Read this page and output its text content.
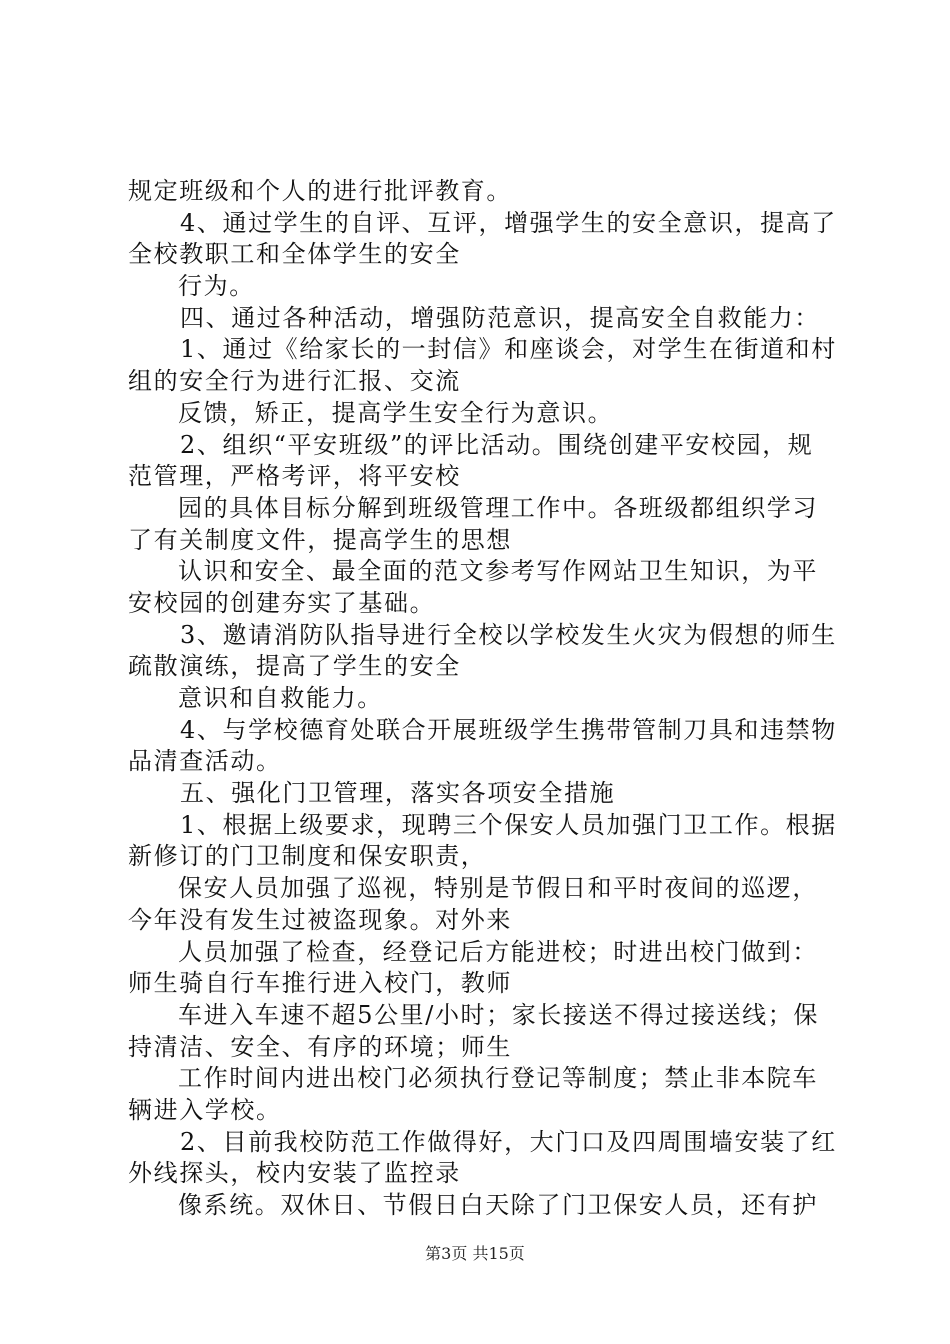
规定班级和个人的进行批评教育。
4、通过学生的自评、互评，增强学生的安全意识，提高了
全校教职工和全体学生的安全
行为。
四、通过各种活动，增强防范意识，提高安全自救能力：
1、通过《给家长的一封信》和座谈会，对学生在街道和村
组的安全行为进行汇报、交流
反馈，矫正，提高学生安全行为意识。
2、组织“平安班级”的评比活动。围绕创建平安校园，规
范管理，严格考评，将平安校
园的具体目标分解到班级管理工作中。各班级都组织学习
了有关制度文件，提高学生的思想
认识和安全、最全面的范文参考写作网站卫生知识，为平
安校园的创建夯实了基础。
3、邀请消防队指导进行全校以学校发生火灾为假想的师生
疏散演练，提高了学生的安全
意识和自救能力。
4、与学校德育处联合开展班级学生携带管制刀具和违禁物
品清查活动。
五、强化门卫管理，落实各项安全措施
1、根据上级要求，现聘三个保安人员加强门卫工作。根据
新修订的门卫制度和保安职责，
保安人员加强了巡视，特别是节假日和平时夜间的巡逻，
今年没有发生过被盗现象。对外来
人员加强了检查，经登记后方能进校；时进出校门做到：
师生骑自行车推行进入校门，教师
车进入车速不超5公里/小时；家长接送不得过接送线；保
持清洁、安全、有序的环境；师生
工作时间内进出校门必须执行登记等制度；禁止非本院车
辆进入学校。
2、目前我校防范工作做得好，大门口及四周围墙安装了红
外线探头，校内安装了监控录
像系统。双休日、节假日白天除了门卫保安人员，还有护
第3页 共15页
